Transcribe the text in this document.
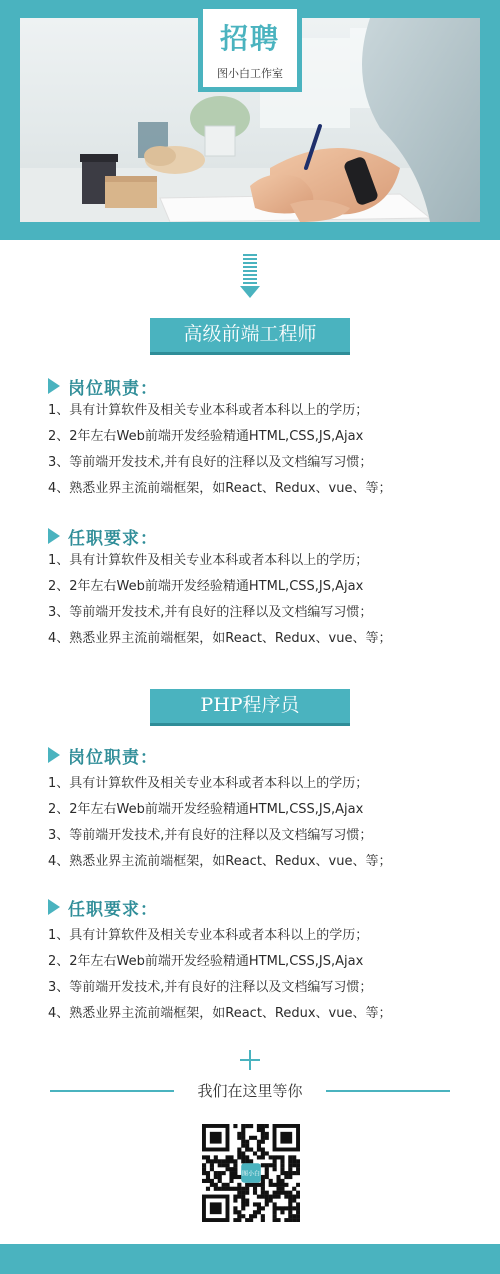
招聘
图小白工作室
高级前端工程师
岗位职责：
1、具有计算软件及相关专业本科或者本科以上的学历；
2、2年左右Web前端开发经验精通HTML,CSS,JS,Ajax
3、等前端开发技术,并有良好的注释以及文档编写习惯；
4、熟悉业界主流前端框架，如React、Redux、vue、等；
任职要求：
1、具有计算软件及相关专业本科或者本科以上的学历；
2、2年左右Web前端开发经验精通HTML,CSS,JS,Ajax
3、等前端开发技术,并有良好的注释以及文档编写习惯；
4、熟悉业界主流前端框架，如React、Redux、vue、等；
PHP程序员
岗位职责：
1、具有计算软件及相关专业本科或者本科以上的学历；
2、2年左右Web前端开发经验精通HTML,CSS,JS,Ajax
3、等前端开发技术,并有良好的注释以及文档编写习惯；
4、熟悉业界主流前端框架，如React、Redux、vue、等；
任职要求：
1、具有计算软件及相关专业本科或者本科以上的学历；
2、2年左右Web前端开发经验精通HTML,CSS,JS,Ajax
3、等前端开发技术,并有良好的注释以及文档编写习惯；
4、熟悉业界主流前端框架，如React、Redux、vue、等；
我们在这里等你
图小白
